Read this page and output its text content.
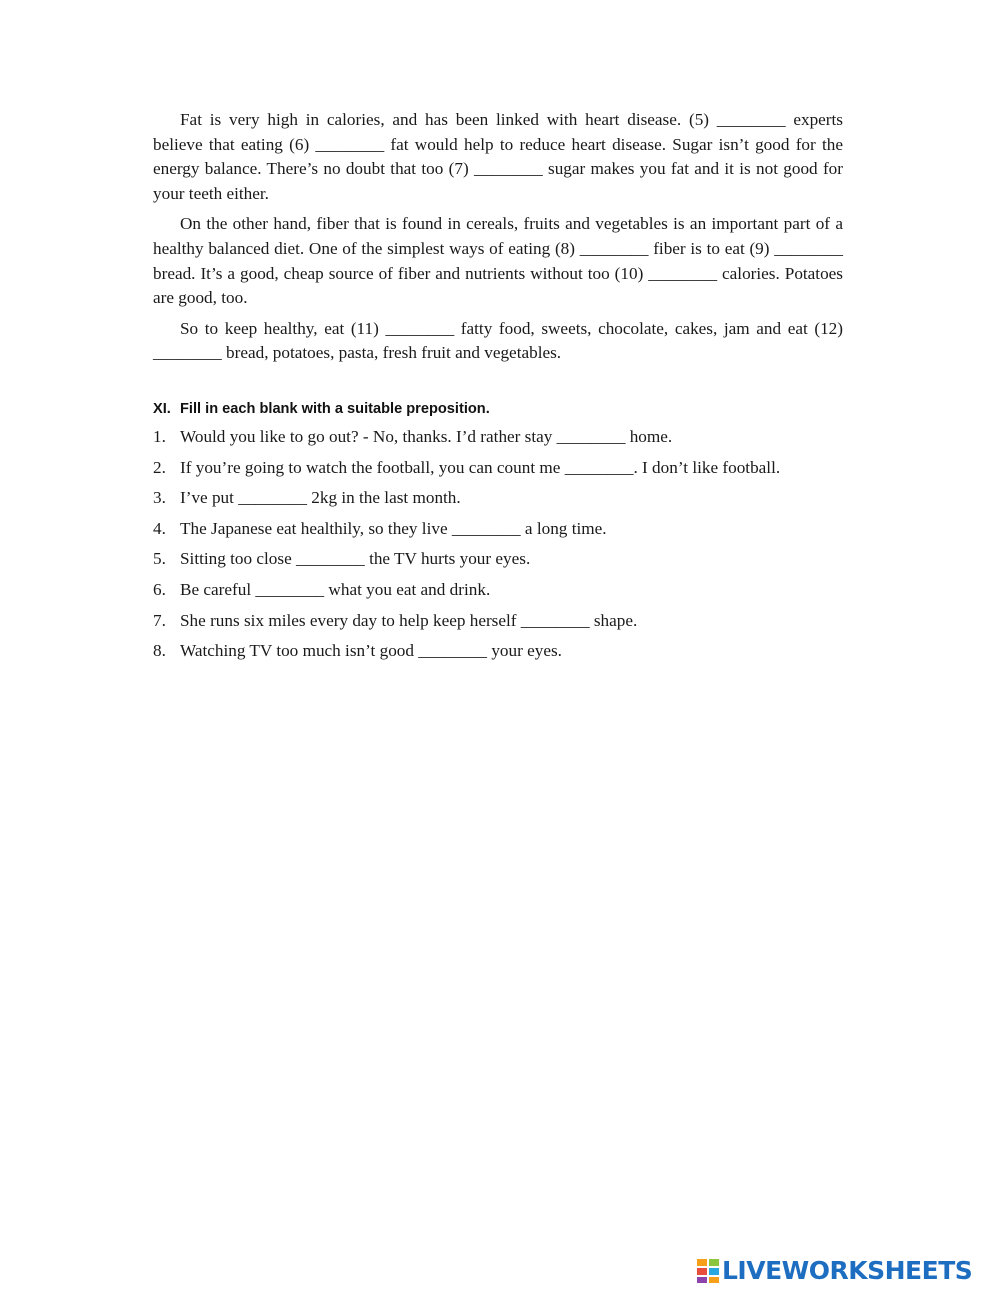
Fat is very high in calories, and has been linked with heart disease. (5) ________ experts believe that eating (6) ________ fat would help to reduce heart disease. Sugar isn’t good for the energy balance. There’s no doubt that too (7) ________ sugar makes you fat and it is not good for your teeth either.

On the other hand, fiber that is found in cereals, fruits and vegetables is an important part of a healthy balanced diet. One of the simplest ways of eating (8) ________ fiber is to eat (9) ________ bread. It’s a good, cheap source of fiber and nutrients without too (10) ________ calories. Potatoes are good, too.

So to keep healthy, eat (11) ________ fatty food, sweets, chocolate, cakes, jam and eat (12) ________ bread, potatoes, pasta, fresh fruit and vegetables.

XI. Fill in each blank with a suitable preposition.
1. Would you like to go out? - No, thanks. I’d rather stay ________ home.
2. If you’re going to watch the football, you can count me ________. I don’t like football.
3. I’ve put ________ 2kg in the last month.
4. The Japanese eat healthily, so they live ________ a long time.
5. Sitting too close ________ the TV hurts your eyes.
6. Be careful ________ what you eat and drink.
7. She runs six miles every day to help keep herself ________ shape.
8. Watching TV too much isn’t good ________ your eyes.
LIVEWORKSHEETS
